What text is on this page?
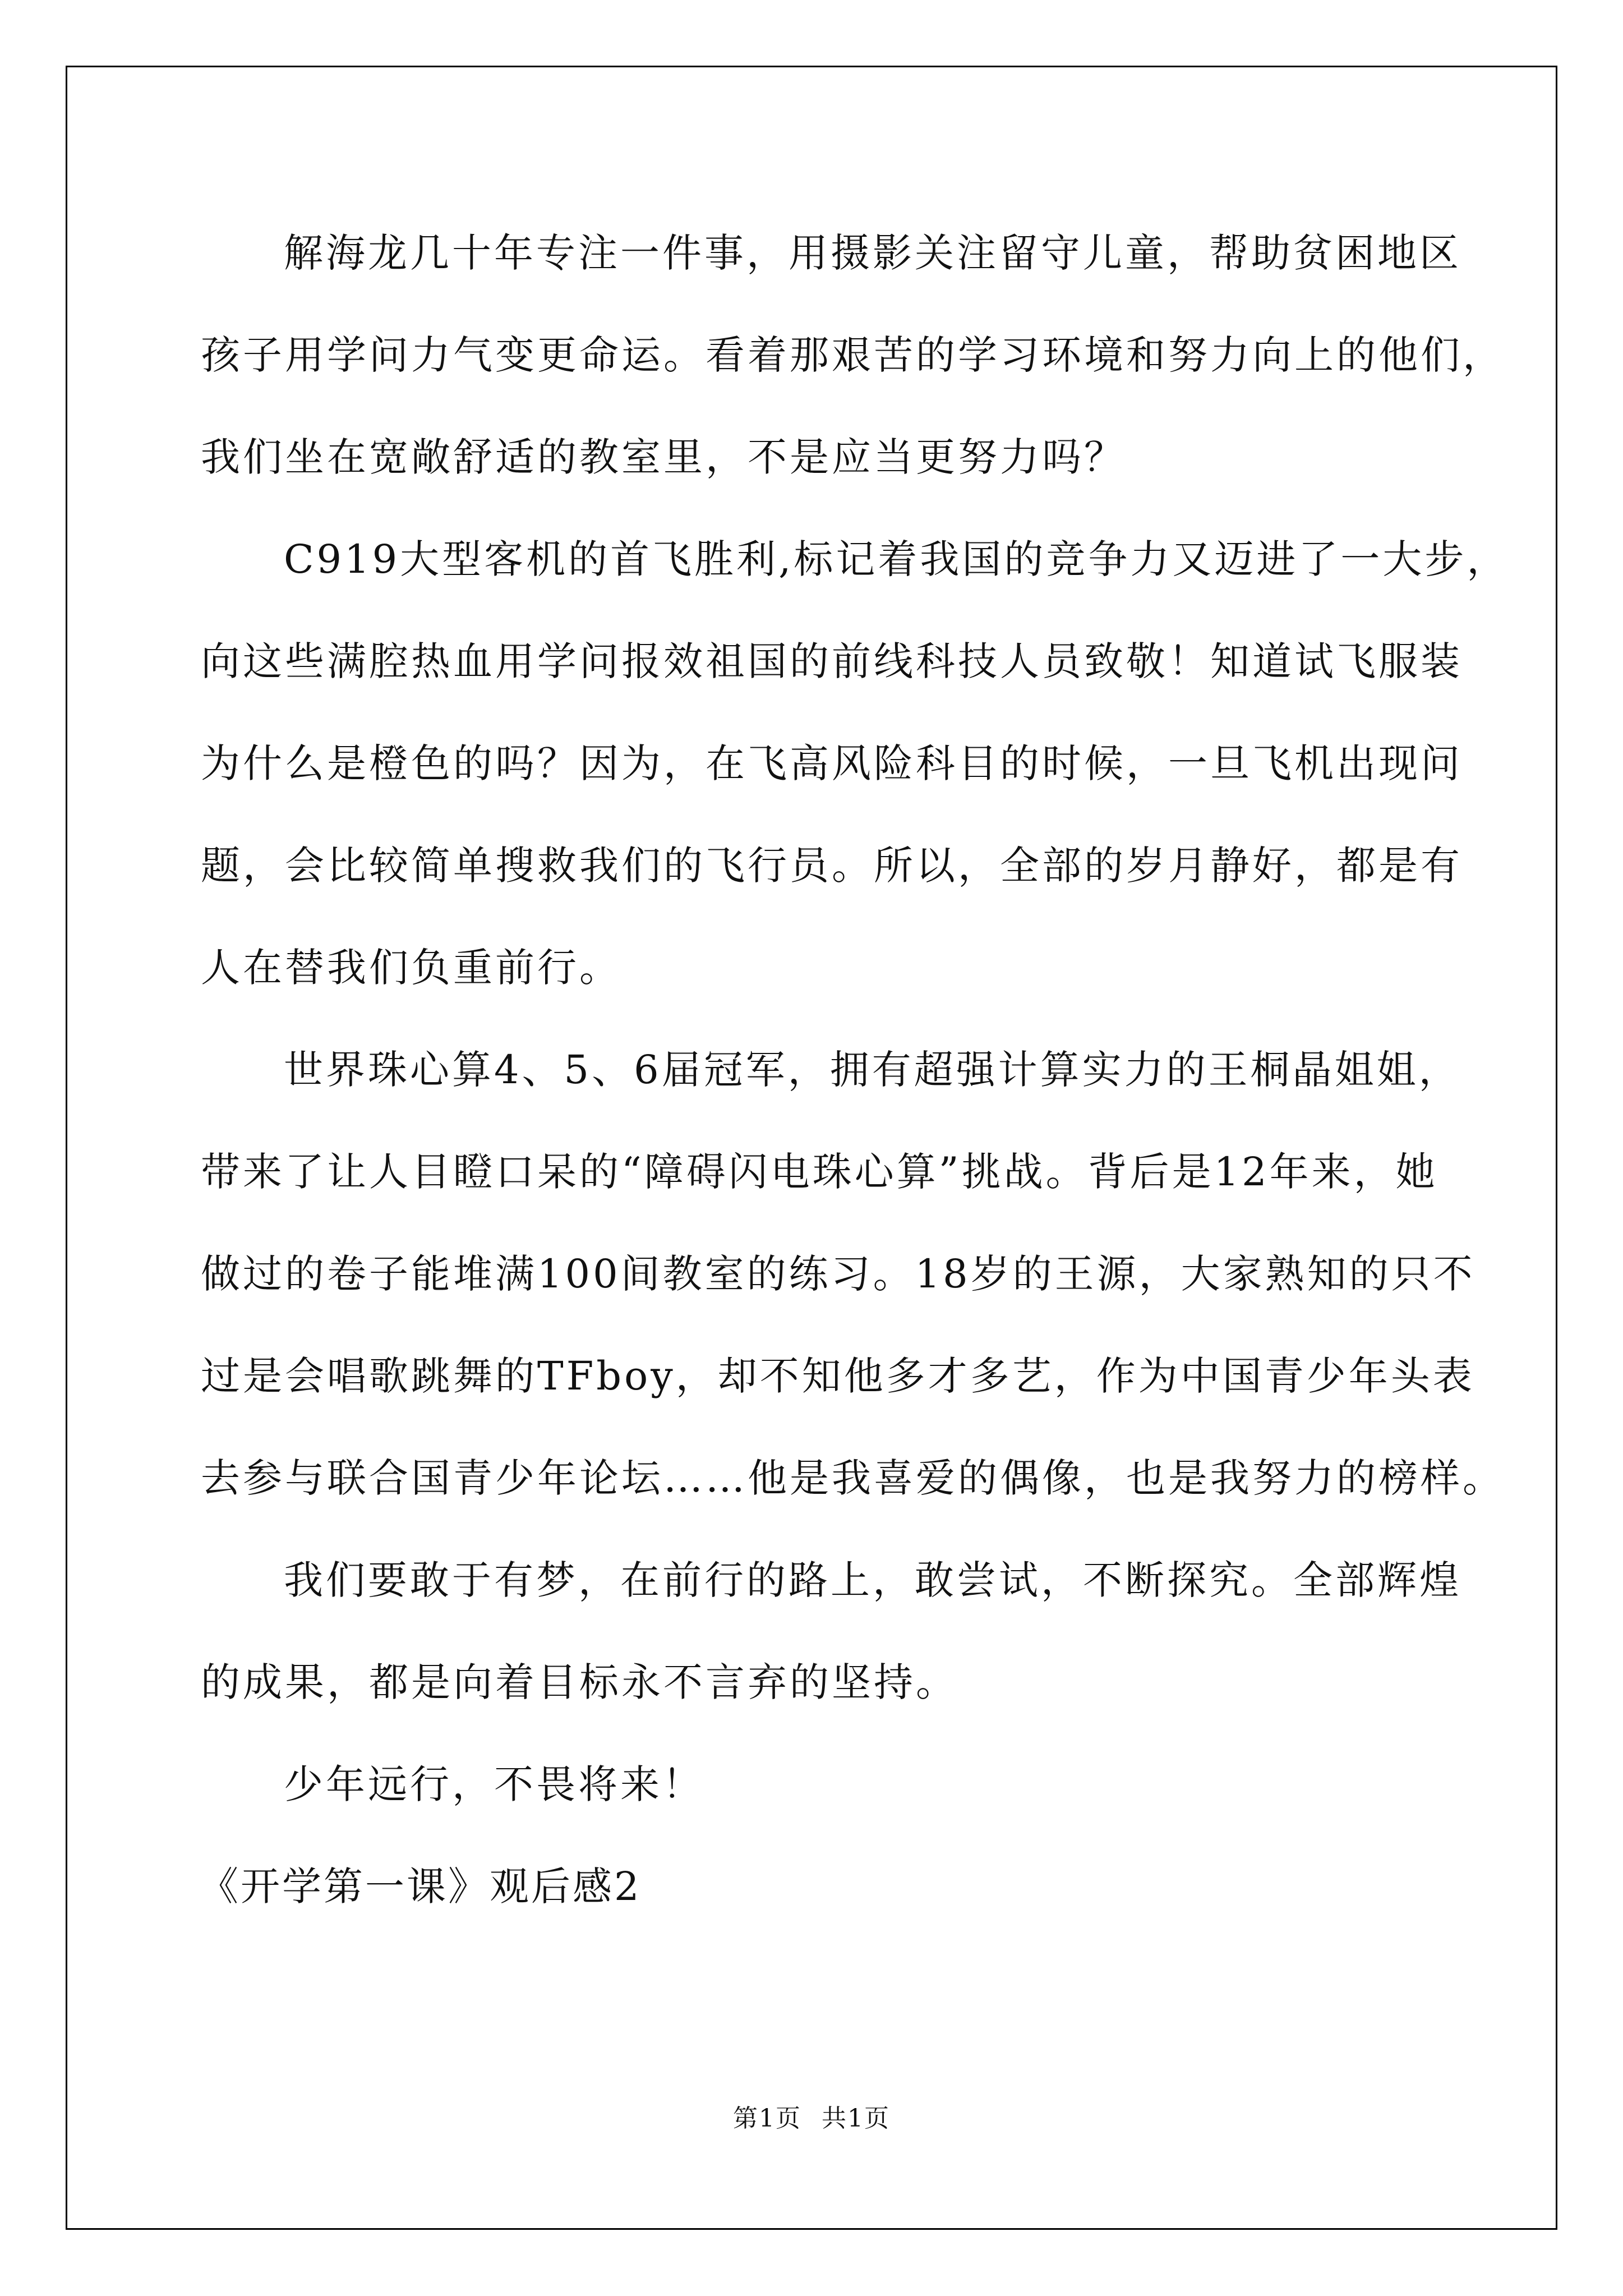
解海龙几十年专注一件事，用摄影关注留守儿童，帮助贫困地区
孩子用学问力气变更命运。看着那艰苦的学习环境和努力向上的他们，
我们坐在宽敞舒适的教室里，不是应当更努力吗？
C919大型客机的首飞胜利,标记着我国的竞争力又迈进了一大步，
向这些满腔热血用学问报效祖国的前线科技人员致敬！知道试飞服装
为什么是橙色的吗？因为，在飞高风险科目的时候，一旦飞机出现问
题，会比较简单搜救我们的飞行员。所以，全部的岁月静好，都是有
人在替我们负重前行。
世界珠心算4、5、6届冠军，拥有超强计算实力的王桐晶姐姐，
带来了让人目瞪口呆的“障碍闪电珠心算”挑战。背后是12年来，她
做过的卷子能堆满100间教室的练习。18岁的王源，大家熟知的只不
过是会唱歌跳舞的TFboy，却不知他多才多艺，作为中国青少年头表
去参与联合国青少年论坛……他是我喜爱的偶像，也是我努力的榜样。
我们要敢于有梦，在前行的路上，敢尝试，不断探究。全部辉煌
的成果，都是向着目标永不言弃的坚持。
少年远行，不畏将来！
《开学第一课》观后感2
第1页 共1页
